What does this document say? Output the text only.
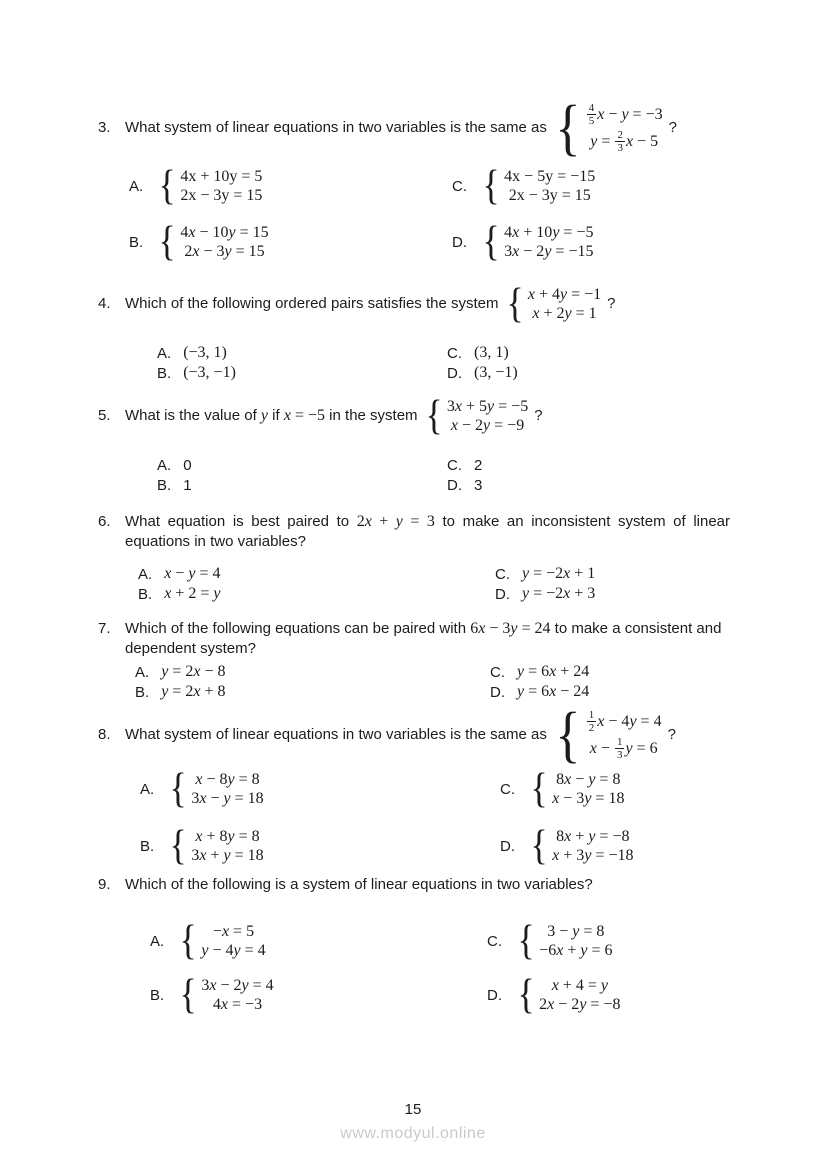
3. What system of linear equations in two variables is the same as { $\frac{4}{5}$ x − y = −3
$y = \frac{2}{3}$ x − 5
?
A. { 4x + 10y = 5
2x − 3y = 15
C. { 4x − 5y = −15
2x − 3y = 15
B. { 4x − 10y = 15
2x − 3y = 15
D. { 4x + 10y = −5
3x − 2y = −15
4. Which of the following ordered pairs satisfies the system { x + 4y = −1
x + 2y = 1
?
A. (−3, 1)	C. (3, 1)
B. (−3, −1)	D. (3, −1)
5. What is the value of y if x = −5 in the system { 3x + 5y = −5
x − 2y = −9
?
A. 0	C. 2
B. 1	D. 3
6. What equation is best paired to 2x + y = 3 to make an inconsistent system of linear equations in two variables?
A. x − y = 4	C. y = −2x + 1
B. x + 2 = y	D. y = −2x + 3
7. Which of the following equations can be paired with 6x − 3y = 24 to make a consistent and dependent system?
A. y = 2x − 8	C. y = 6x + 24
B. y = 2x + 8	D. y = 6x − 24
8. What system of linear equations in two variables is the same as { $\frac{1}{2}$ x − 4y = 4
$x - \frac{1}{3}$ y = 6
?
A. { x − 8y = 8
3x − y = 18
C. { 8x − y = 8
x − 3y = 18
B. { x + 8y = 8
3x + y = 18
D. { 8x + y = −8
x + 3y = −18
9. Which of the following is a system of linear equations in two variables?
A. { −x = 5
y − 4y = 4
C. { 3 − y = 8
−6x + y = 6
B. { 3x − 2y = 4
4x = −3
D. { x + 4 = y
2x − 2y = −8
15
www.modyul.online
